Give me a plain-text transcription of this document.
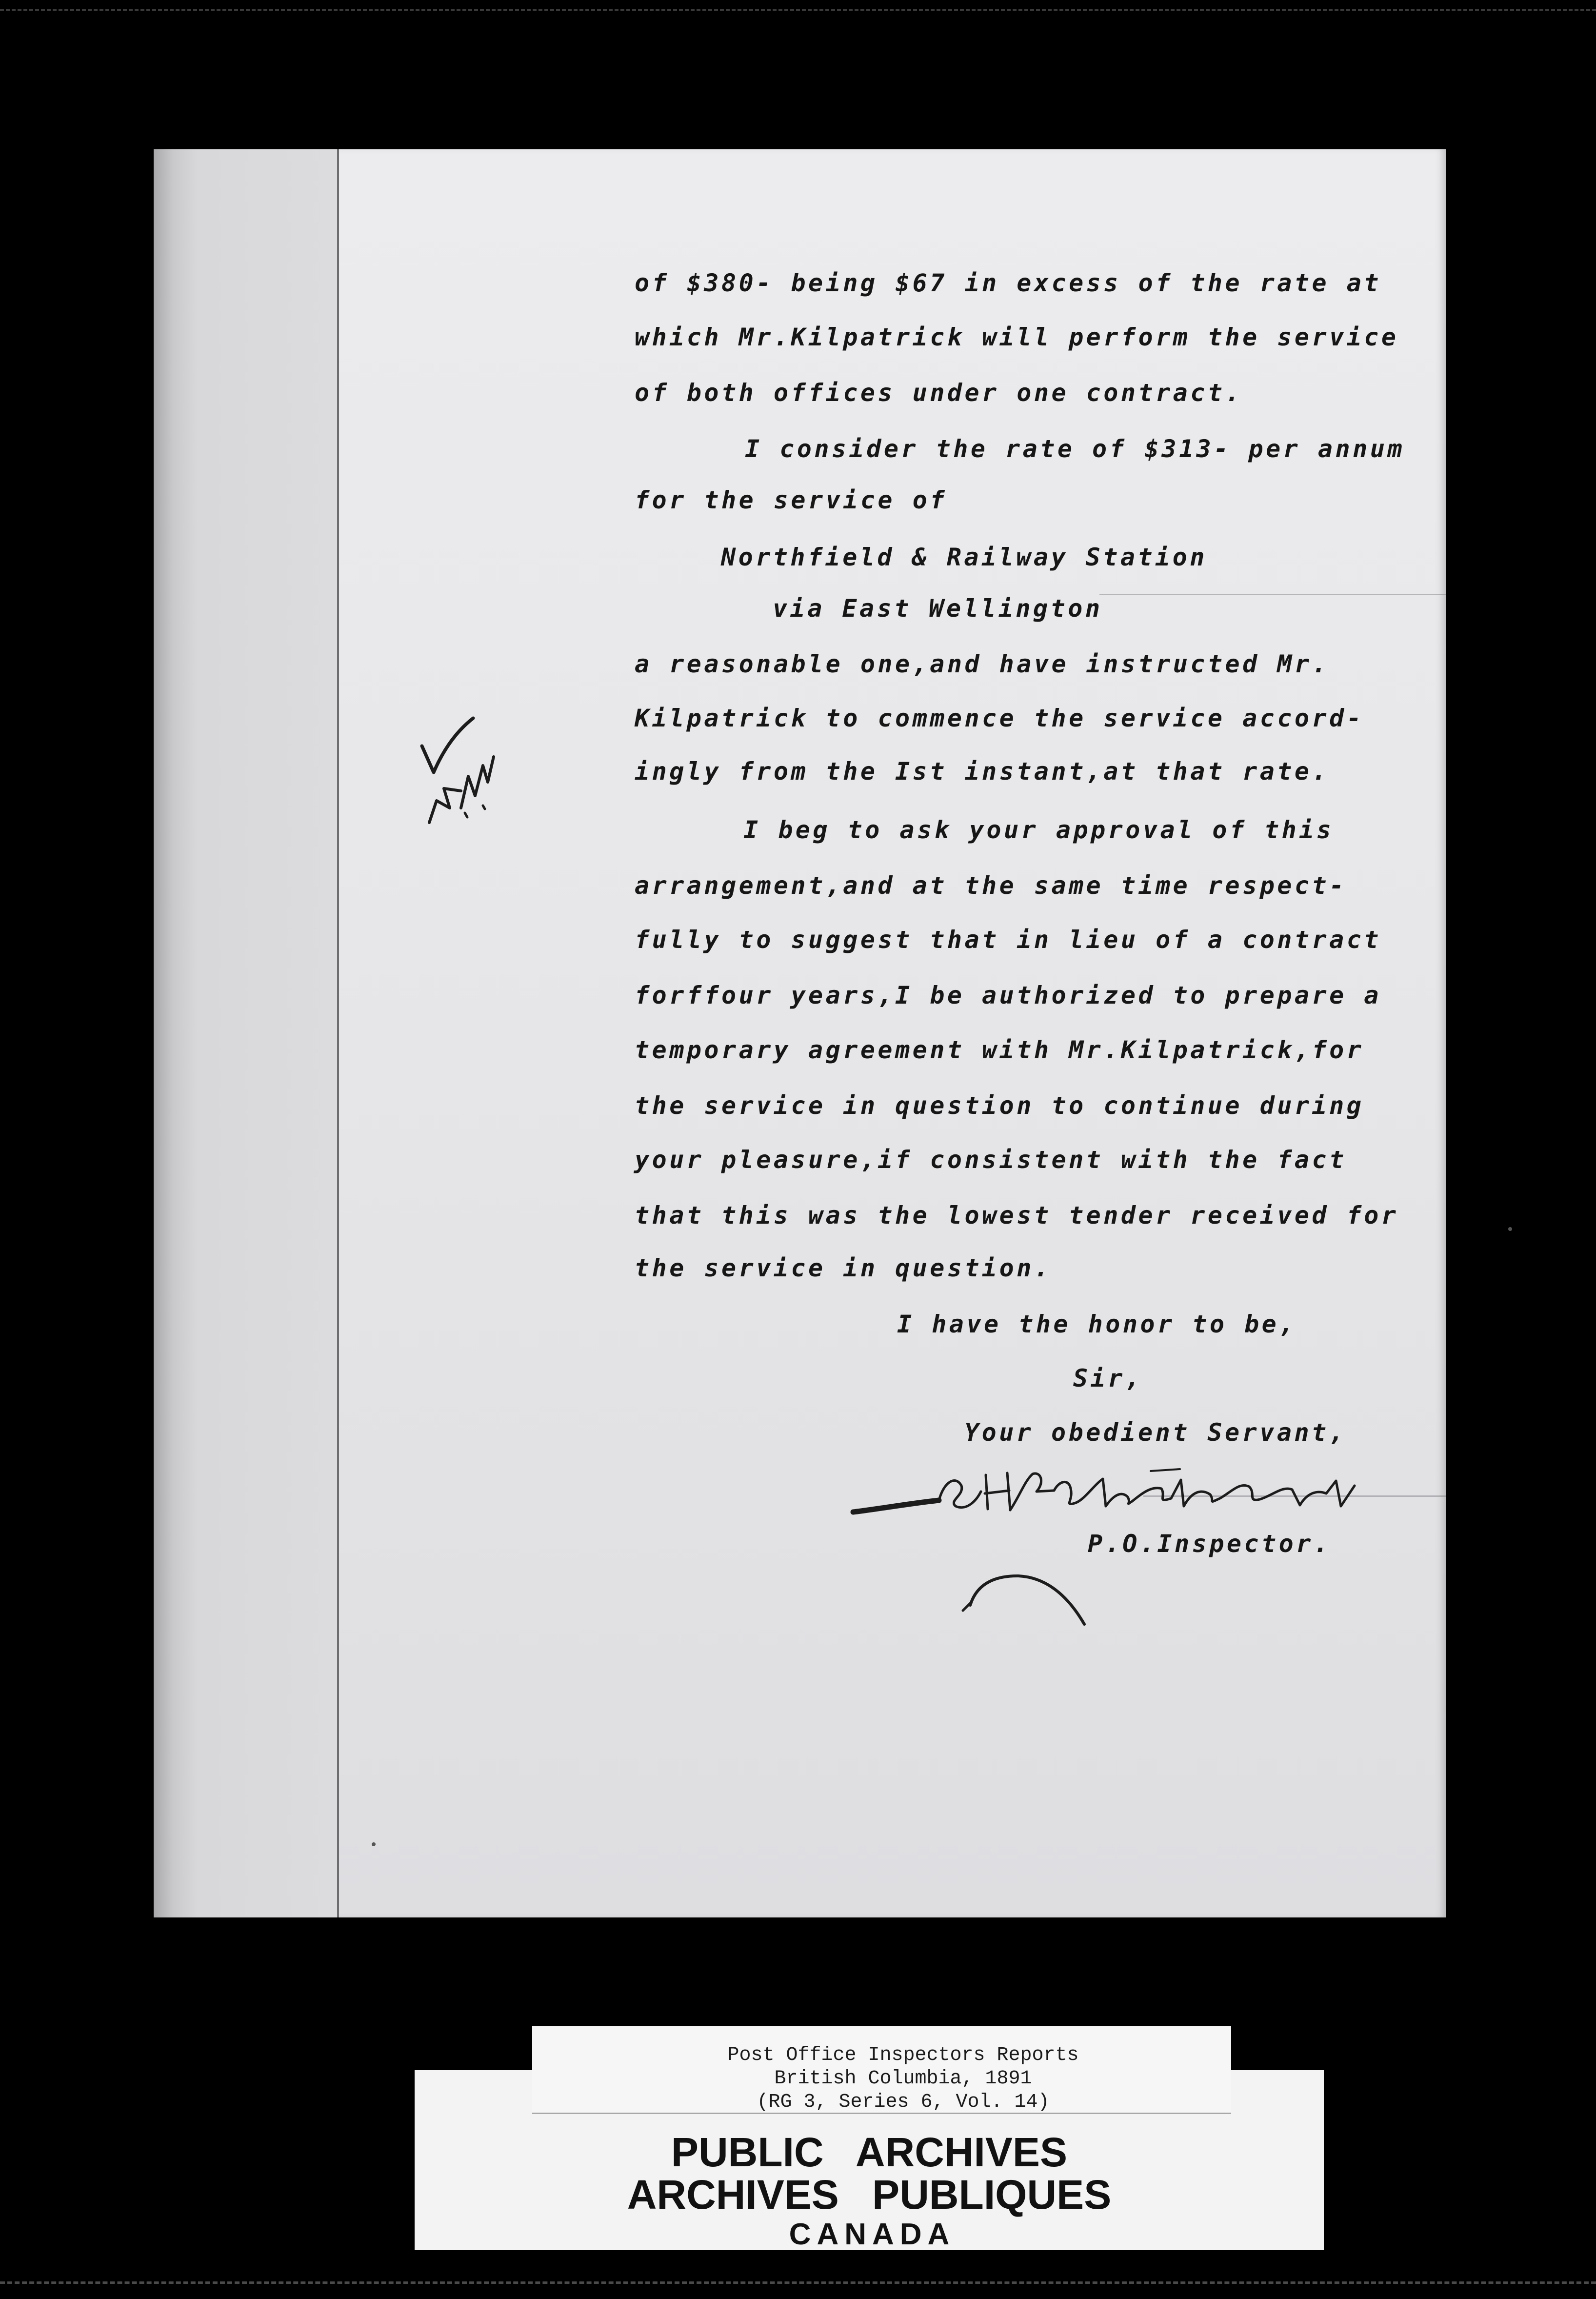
of $380- being $67 in excess of the rate at
which Mr.Kilpatrick will perform the service
of both offices under one contract.
I consider the rate of $313- per annum
for the service of
Northfield & Railway Station
via East Wellington
a reasonable one,and have instructed Mr.
Kilpatrick to commence the service accord-
ingly from the Ist instant,at that rate.
I beg to ask your approval of this
arrangement,and at the same time respect-
fully to suggest that in lieu of a contract
forffour years,I be authorized to prepare a
temporary agreement with Mr.Kilpatrick,for
the service in question to continue during
your pleasure,if consistent with the fact
that this was the lowest tender received for
the service in question.
I have the honor to be,
Sir,
Your obedient Servant,
P.O.Inspector.
PUBLIC ARCHIVES
ARCHIVES PUBLIQUES
CANADA
Post Office Inspectors Reports
British Columbia, 1891
(RG 3, Series 6, Vol. 14)
